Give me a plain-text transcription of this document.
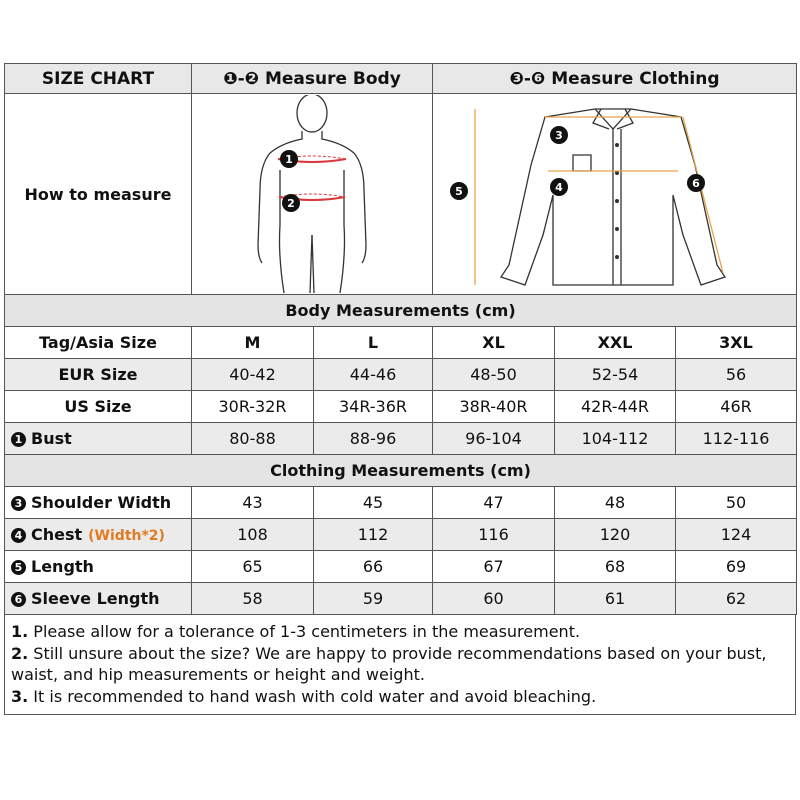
SIZE CHART	❶-❷ Measure Body		❸-❻ Measure Clothing		
How to measure	1
2		3
4
5
6		

Body Measurements (cm)					
Tag/Asia Size	M	L	XL	XXL	3XL
EUR Size	40-42	44-46	48-50	52-54	56
US Size	30R-32R	34R-36R	38R-40R	42R-44R	46R
1 Bust	80-88	88-96	96-104	104-112	112-116
Clothing Measurements (cm)					
3 Shoulder Width	43	45	47	48	50
4 Chest (Width*2)	108	112	116	120	124
5 Length	65	66	67	68	69
6 Sleeve Length	58	59	60	61	62
1. Please allow for a tolerance of 1-3 centimeters in the measurement.
2. Still unsure about the size? We are happy to provide recommendations based on your bust, waist, and hip measurements or height and weight.
3. It is recommended to hand wash with cold water and avoid bleaching.
